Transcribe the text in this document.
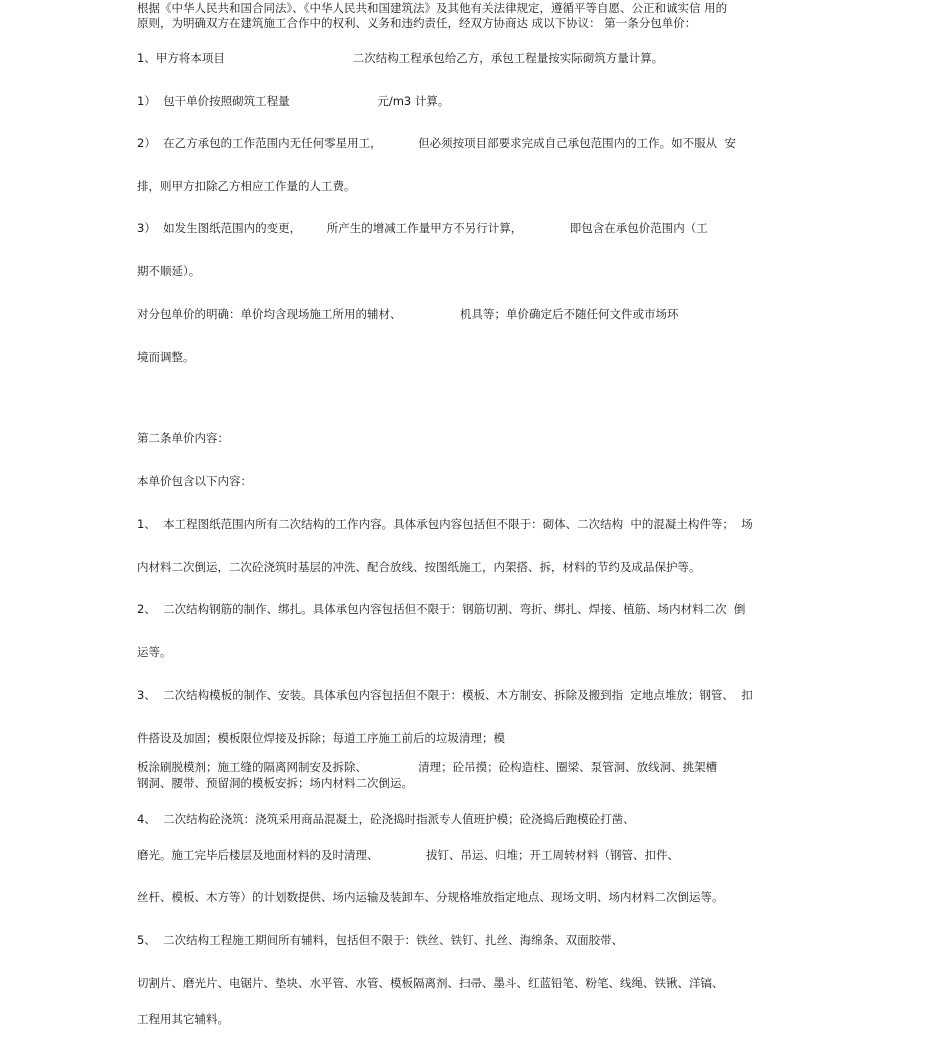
根据《中华人民共和国合同法》、《中华人民共和国建筑法》及其他有关法律规定，遵循平等自愿、公正和诚实信 用的

原则，为明确双方在建筑施工合作中的权利、义务和违约责任，经双方协商达 成以下协议： 第一条分包单价：

1、甲方将本项目                                   二次结构工程承包给乙方，承包工程量按实际砌筑方量计算。

1）  包干单价按照砌筑工程量                        元/m3 计算。

2）  在乙方承包的工作范围内无任何零星用工，          但必须按项目部要求完成自己承包范围内的工作。如不服从  安

排，则甲方扣除乙方相应工作量的人工费。

3）  如发生图纸范围内的变更，       所产生的增减工作量甲方不另行计算，             即包含在承包价范围内（工

期不顺延）。

对分包单价的明确：单价均含现场施工所用的辅材、                机具等；单价确定后不随任何文件或市场环

境而调整。

第二条单价内容：

本单价包含以下内容：

1、  本工程图纸范围内所有二次结构的工作内容。具体承包内容包括但不限于：砌体、二次结构  中的混凝土构件等；  场

内材料二次倒运，二次砼浇筑时基层的冲洗、配合放线、按图纸施工，内架搭、拆，材料的节约及成品保护等。

2、  二次结构钢筋的制作、绑扎。具体承包内容包括但不限于：钢筋切割、弯折、绑扎、焊接、植筋、场内材料二次  倒

运等。

3、  二次结构模板的制作、安装。具体承包内容包括但不限于：模板、木方制安、拆除及搬到指  定地点堆放；钢管、  扣

件搭设及加固；模板限位焊接及拆除；每道工序施工前后的垃圾清理；模

板涂刷脱模剂；施工缝的隔离网制安及拆除、              清理；砼吊摸；砼构造柱、圈梁、泵管洞、放线洞、挑架槽

钢洞、腰带、预留洞的模板安拆；场内材料二次倒运。

4、  二次结构砼浇筑：浇筑采用商品混凝土，砼浇捣时指派专人值班护模；砼浇捣后跑模砼打凿、

磨光。施工完毕后楼层及地面材料的及时清理、             拔钉、吊运、归堆；开工周转材料（钢管、扣件、

丝杆、模板、木方等）的计划数提供、场内运输及装卸车、分规格堆放指定地点、现场文明、场内材料二次倒运等。

5、  二次结构工程施工期间所有辅料，包括但不限于：铁丝、铁钉、扎丝、海绵条、双面胶带、

切割片、磨光片、电锯片、垫块、水平管、水管、模板隔离剂、扫帚、墨斗、红蓝铅笔、粉笔、线绳、铁锹、洋镐、

工程用其它辅料。
